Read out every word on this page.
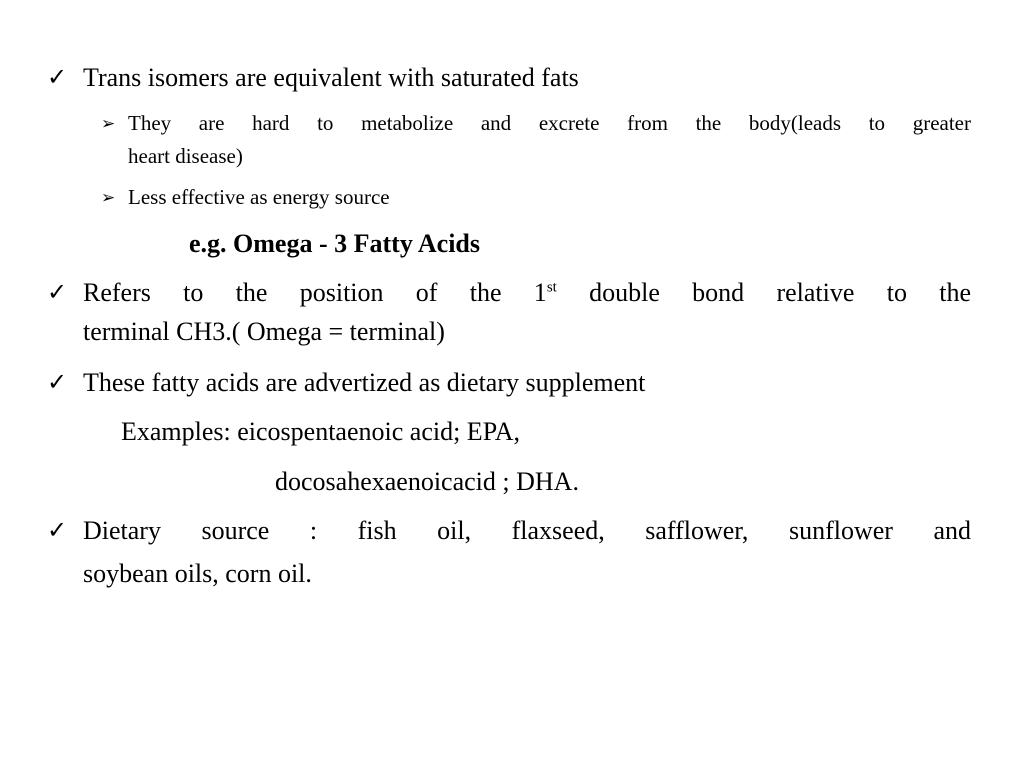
✓ Trans isomers are equivalent with saturated fats
➢ They are hard to metabolize and excrete from the body(leads to greater
heart disease)
➢ Less effective as energy source
e.g. Omega - 3 Fatty Acids
✓ Refers to the position of the 1st double bond relative to the
terminal CH3.( Omega = terminal)
✓ These fatty acids are advertized as dietary supplement
Examples: eicospentaenoic acid; EPA,
docosahexaenoicacid ; DHA.
✓ Dietary source : fish oil, flaxseed, safflower, sunflower and
soybean oils, corn oil.
